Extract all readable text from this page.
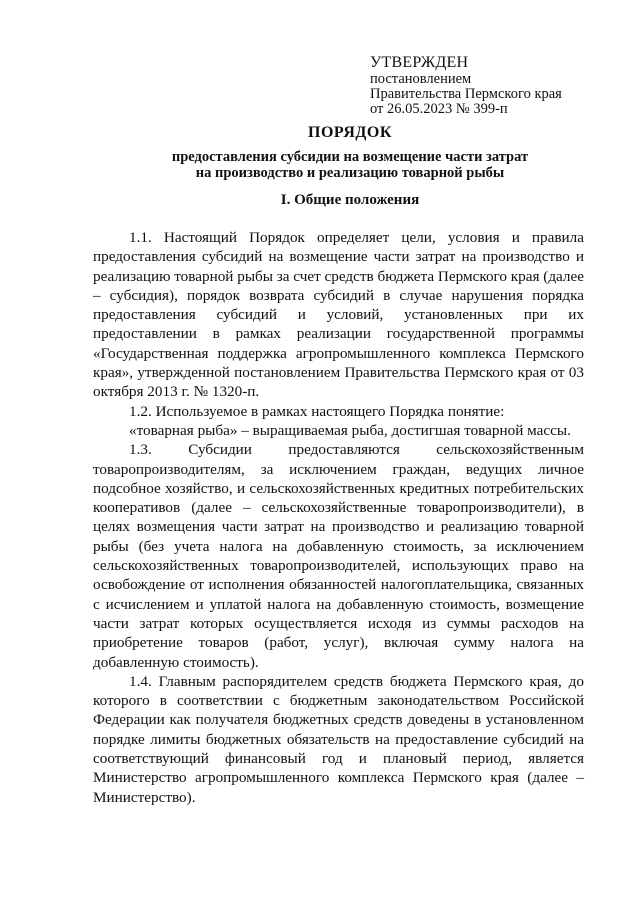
УТВЕРЖДЕН
постановлением
Правительства Пермского края
от 26.05.2023 № 399-п
ПОРЯДОК
предоставления субсидии на возмещение части затрат
на производство и реализацию товарной рыбы
I. Общие положения

1.1. Настоящий Порядок определяет цели, условия и правила предоставления субсидий на возмещение части затрат на производство и реализацию товарной рыбы за счет средств бюджета Пермского края (далее – субсидия), порядок возврата субсидий в случае нарушения порядка предоставления субсидий и условий, установленных при их предоставлении в рамках реализации государственной программы «Государственная поддержка агропромышленного комплекса Пермского края», утвержденной постановлением Правительства Пермского края от 03 октября 2013 г. № 1320-п.

1.2. Используемое в рамках настоящего Порядка понятие:

«товарная рыба» – выращиваемая рыба, достигшая товарной массы.

1.3. Субсидии предоставляются сельскохозяйственным товаропроизводителям, за исключением граждан, ведущих личное подсобное хозяйство, и сельскохозяйственных кредитных потребительских кооперативов (далее – сельскохозяйственные товаропроизводители), в целях возмещения части затрат на производство и реализацию товарной рыбы (без учета налога на добавленную стоимость, за исключением сельскохозяйственных товаропроизводителей, использующих право на освобождение от исполнения обязанностей налогоплательщика, связанных с исчислением и уплатой налога на добавленную стоимость, возмещение части затрат которых осуществляется исходя из суммы расходов на приобретение товаров (работ, услуг), включая сумму налога на добавленную стоимость).

1.4. Главным распорядителем средств бюджета Пермского края, до которого в соответствии с бюджетным законодательством Российской Федерации как получателя бюджетных средств доведены в установленном порядке лимиты бюджетных обязательств на предоставление субсидий на соответствующий финансовый год и плановый период, является Министерство агропромышленного комплекса Пермского края (далее – Министерство).
